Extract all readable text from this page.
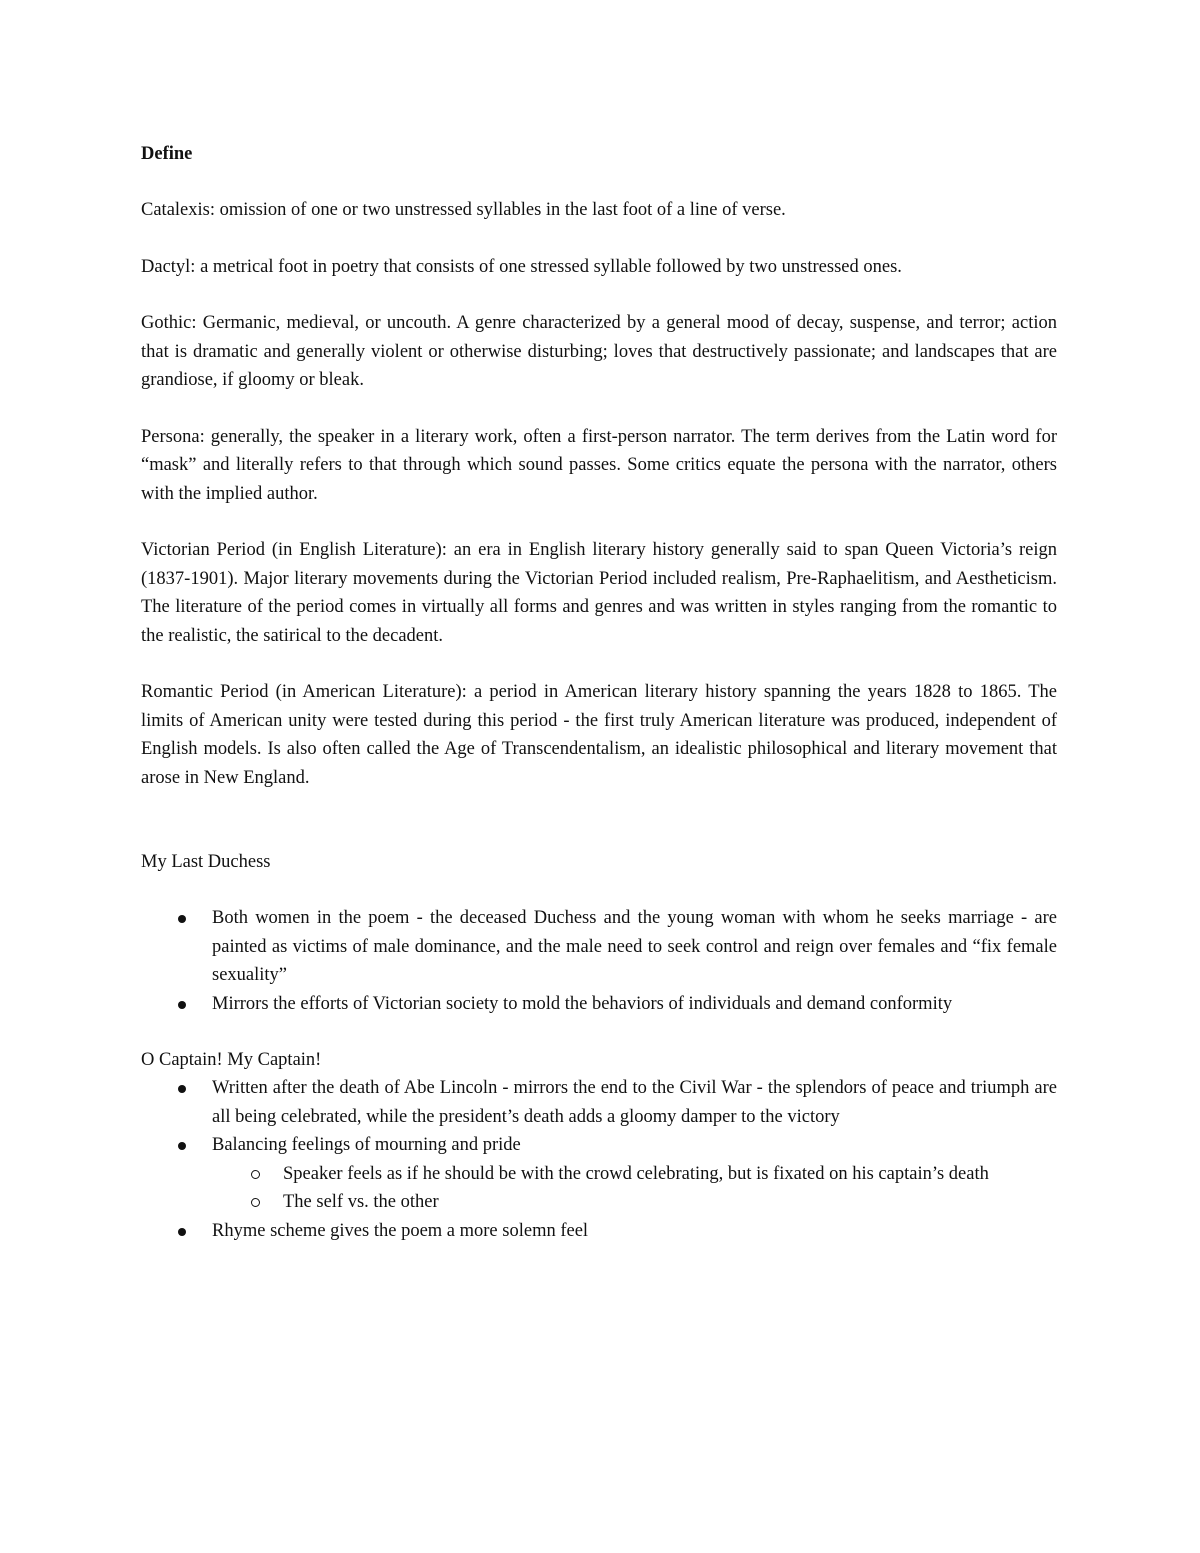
Define

Catalexis: omission of one or two unstressed syllables in the last foot of a line of verse.

Dactyl: a metrical foot in poetry that consists of one stressed syllable followed by two unstressed ones.

Gothic: Germanic, medieval, or uncouth. A genre characterized by a general mood of decay, suspense, and terror; action that is dramatic and generally violent or otherwise disturbing; loves that destructively passionate; and landscapes that are grandiose, if gloomy or bleak.

Persona: generally, the speaker in a literary work, often a first-person narrator. The term derives from the Latin word for “mask” and literally refers to that through which sound passes. Some critics equate the persona with the narrator, others with the implied author.

Victorian Period (in English Literature): an era in English literary history generally said to span Queen Victoria’s reign (1837-1901). Major literary movements during the Victorian Period included realism, Pre-Raphaelitism, and Aestheticism. The literature of the period comes in virtually all forms and genres and was written in styles ranging from the romantic to the realistic, the satirical to the decadent.

Romantic Period (in American Literature): a period in American literary history spanning the years 1828 to 1865. The limits of American unity were tested during this period - the first truly American literature was produced, independent of English models. Is also often called the Age of Transcendentalism, an idealistic philosophical and literary movement that arose in New England.

My Last Duchess

Both women in the poem - the deceased Duchess and the young woman with whom he seeks marriage - are painted as victims of male dominance, and the male need to seek control and reign over females and “fix female sexuality”
Mirrors the efforts of Victorian society to mold the behaviors of individuals and demand conformity

O Captain! My Captain!

Written after the death of Abe Lincoln - mirrors the end to the Civil War - the splendors of peace and triumph are all being celebrated, while the president’s death adds a gloomy damper to the victory
Balancing feelings of mourning and pride
Speaker feels as if he should be with the crowd celebrating, but is fixated on his captain’s death
The self vs. the other
Rhyme scheme gives the poem a more solemn feel
